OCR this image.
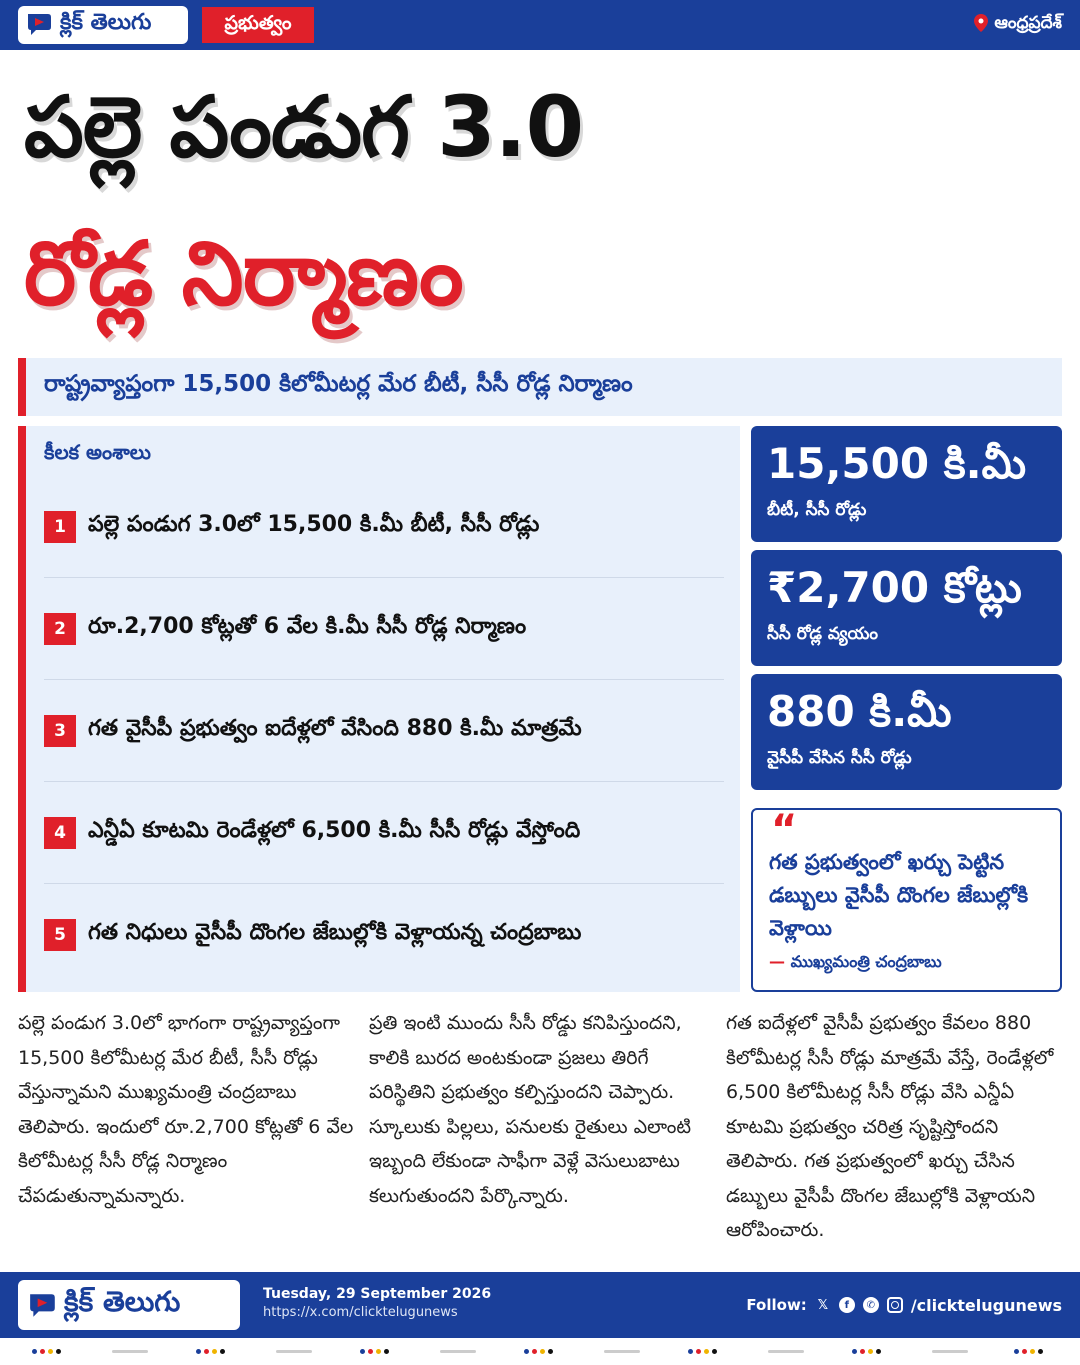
క్లిక్ తెలుగు	ప్రభుత్వం	ఆంధ్రప్రదేశ్
పల్లె పండుగ 3.0
రోడ్ల నిర్మాణం
రాష్ట్రవ్యాప్తంగా 15,500 కిలోమీటర్ల మేర బీటీ, సీసీ రోడ్ల నిర్మాణం
కీలక అంశాలు
1	పల్లె పండుగ 3.0లో 15,500 కి.మీ బీటీ, సీసీ రోడ్లు
2	రూ.2,700 కోట్లతో 6 వేల కి.మీ సీసీ రోడ్ల నిర్మాణం
3	గత వైసీపీ ప్రభుత్వం ఐదేళ్లలో వేసింది 880 కి.మీ మాత్రమే
4	ఎన్డీఏ కూటమి రెండేళ్లలో 6,500 కి.మీ సీసీ రోడ్లు వేస్తోంది
5	గత నిధులు వైసీపీ దొంగల జేబుల్లోకి వెళ్లాయన్న చంద్రబాబు
15,500 కి.మీ
బీటీ, సీసీ రోడ్లు
₹2,700 కోట్లు
సీసీ రోడ్ల వ్యయం
880 కి.మీ
వైసీపీ వేసిన సీసీ రోడ్లు
“
గత ప్రభుత్వంలో ఖర్చు పెట్టిన డబ్బులు వైసీపీ దొంగల జేబుల్లోకి వెళ్లాయి
— ముఖ్యమంత్రి చంద్రబాబు
పల్లె పండుగ 3.0లో భాగంగా రాష్ట్రవ్యాప్తంగా 15,500 కిలోమీటర్ల మేర బీటీ, సీసీ రోడ్లు వేస్తున్నామని ముఖ్యమంత్రి చంద్రబాబు తెలిపారు. ఇందులో రూ.2,700 కోట్లతో 6 వేల కిలోమీటర్ల సీసీ రోడ్ల నిర్మాణం చేపడుతున్నామన్నారు.
ప్రతి ఇంటి ముందు సీసీ రోడ్డు కనిపిస్తుందని, కాలికి బురద అంటకుండా ప్రజలు తిరిగే పరిస్థితిని ప్రభుత్వం కల్పిస్తుందని చెప్పారు. స్కూలుకు పిల్లలు, పనులకు రైతులు ఎలాంటి ఇబ్బంది లేకుండా సాఫీగా వెళ్లే వెసులుబాటు కలుగుతుందని పేర్కొన్నారు.
గత ఐదేళ్లలో వైసీపీ ప్రభుత్వం కేవలం 880 కిలోమీటర్ల సీసీ రోడ్లు మాత్రమే వేస్తే, రెండేళ్లలో 6,500 కిలోమీటర్ల సీసీ రోడ్లు వేసి ఎన్డీఏ కూటమి ప్రభుత్వం చరిత్ర సృష్టిస్తోందని తెలిపారు. గత ప్రభుత్వంలో ఖర్చు చేసిన డబ్బులు వైసీపీ దొంగల జేబుల్లోకి వెళ్లాయని ఆరోపించారు.
క్లిక్ తెలుగు	Tuesday, 29 September 2026
https://x.com/clicktelugunews	Follow: 𝕏	f	✆ /clicktelugunews
